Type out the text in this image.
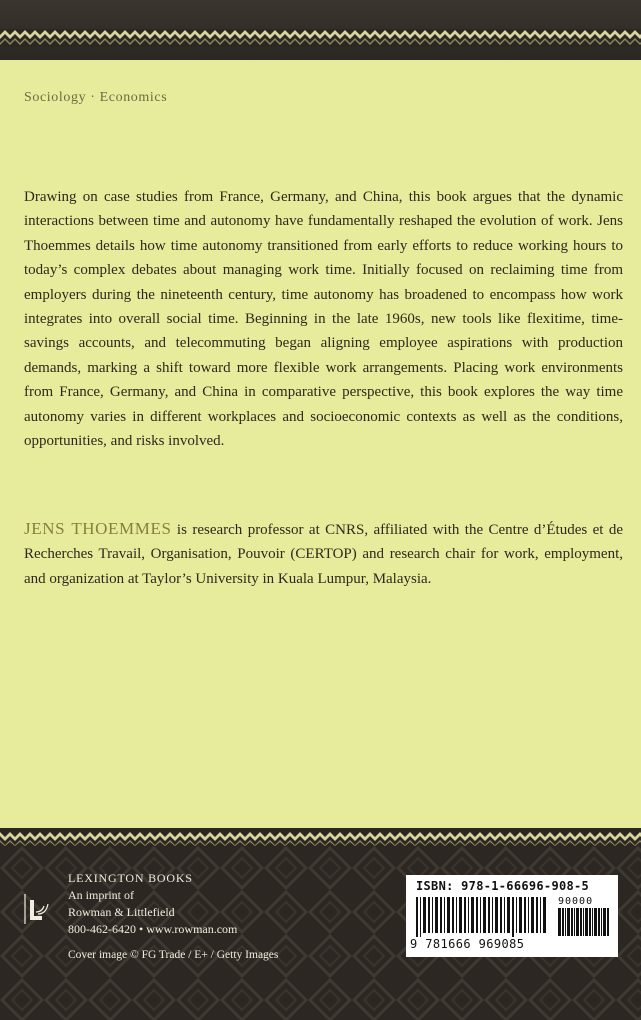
Sociology · Economics

Drawing on case studies from France, Germany, and China, this book argues that the dynamic interactions between time and autonomy have fundamentally reshaped the evolution of work. Jens Thoemmes details how time autonomy transitioned from early efforts to reduce working hours to today’s complex debates about managing work time. Initially focused on reclaiming time from employers during the nineteenth century, time autonomy has broadened to encompass how work integrates into overall social time. Beginning in the late 1960s, new tools like flexitime, time-savings accounts, and telecommuting began aligning employee aspirations with production demands, marking a shift toward more flexible work arrangements. Placing work environments from France, Germany, and China in comparative perspective, this book explores the way time autonomy varies in different workplaces and socioeconomic contexts as well as the conditions, opportunities, and risks involved.

JENS THOEMMES is research professor at CNRS, affiliated with the Centre d’Études et de Recherches Travail, Organisation, Pouvoir (CERTOP) and research chair for work, employment, and organization at Taylor’s University in Kuala Lumpur, Malaysia.

LEXINGTON BOOKS
An imprint of
Rowman & Littlefield
800-462-6420 • www.rowman.com
Cover image © FG Trade / E+ / Getty Images
ISBN: 978-1-66696-908-5
90000
9 781666 969085
